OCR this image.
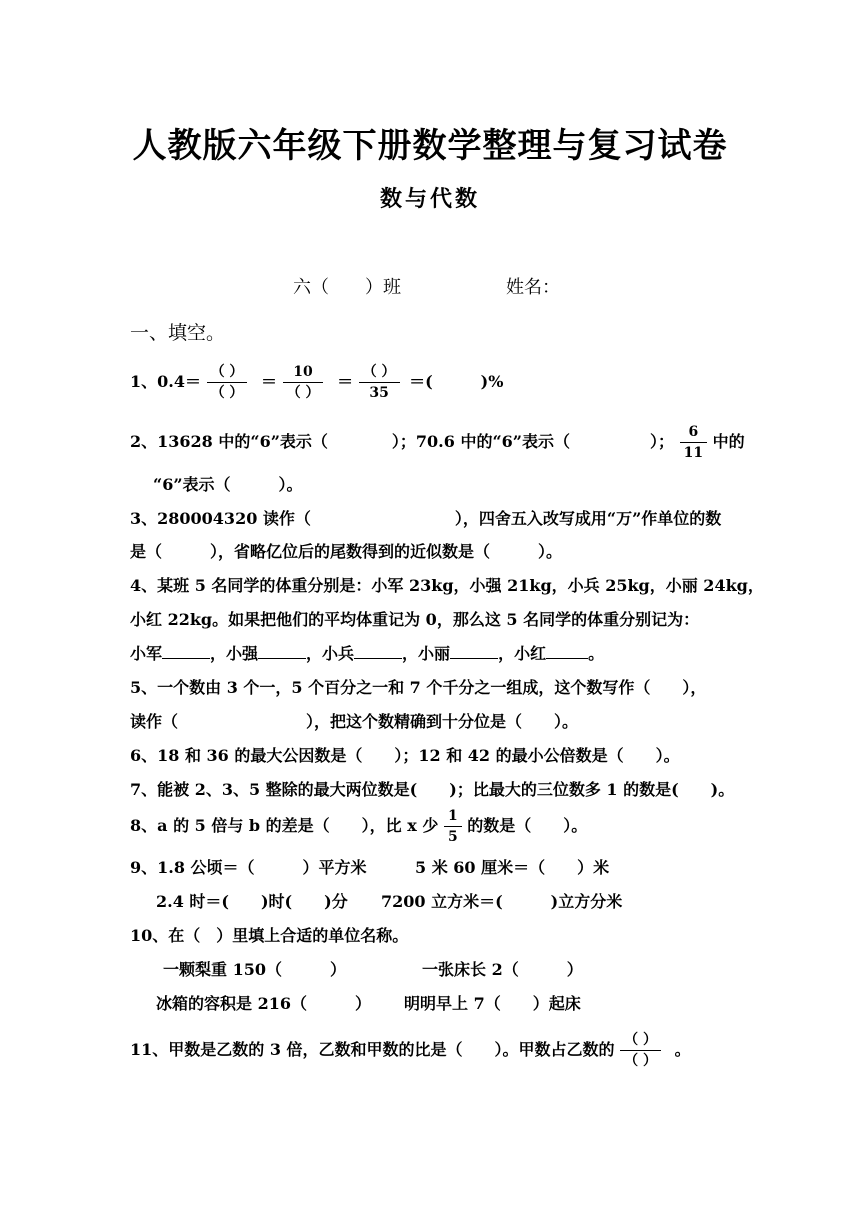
人教版六年级下册数学整理与复习试卷
数与代数
六（　　）班	姓名：
一、填空。
1、$0.4= \frac{( )}{( )} = \frac{10}{( )} = \frac{( )}{35}$ ＝(　　　)%
2、13628 中的“6”表示（　　　　）；70.6 中的“6”表示（　　　　　）； $\frac{6}{11}$ 中的
“6”表示（　　　）。
3、280004320 读作（　　　　　　　　　），四舍五入改写成用“万”作单位的数
是（　　　），省略亿位后的尾数得到的近似数是（　　　）。
4、某班 5 名同学的体重分别是：小军 23kg，小强 21kg，小兵 25kg，小丽 24kg，
小红 22kg。如果把他们的平均体重记为 0，那么这 5 名同学的体重分别记为：
小军	，小强	，小兵	，小丽	，小红	。
5、一个数由 3 个一，5 个百分之一和 7 个千分之一组成，这个数写作（　　），
读作（　　　　　　　　），把这个数精确到十分位是（　　）。
6、18 和 36 的最大公因数是（　　）；12 和 42 的最小公倍数是（　　）。
7、能被 2、3、5 整除的最大两位数是(　　)；比最大的三位数多 1 的数是(　　)。
8、a 的 5 倍与 b 的差是（　　），比 x 少 $\frac{1}{5}$ 的数是（　　）。
9、1.8 公顷＝（　　　）平方米	5 米 60 厘米＝（　　）米
2.4 时＝(　　)时(　　)分 7200 立方米＝(　　　)立方分米
10、在（　）里填上合适的单位名称。
一颗梨重 150（　　　）	一张床长 2（　　　）
冰箱的容积是 216（　　　） 明明早上 7（　　）起床
11、甲数是乙数的 3 倍，乙数和甲数的比是（　　）。甲数占乙数的 $\frac{( )}{( )}$ 。
